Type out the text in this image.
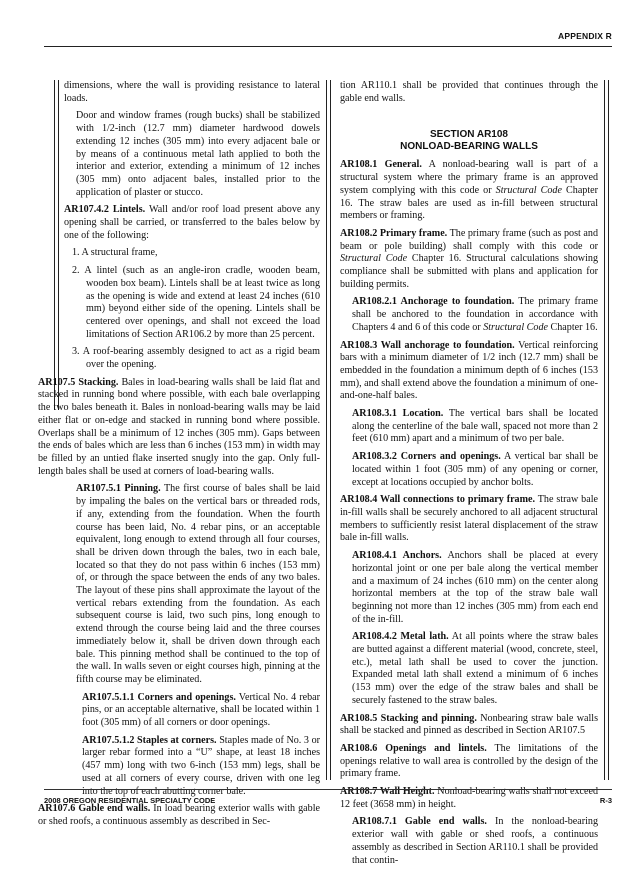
APPENDIX R

dimensions, where the wall is providing resistance to lateral loads.

Door and window frames (rough bucks) shall be stabilized with 1/2-inch (12.7 mm) diameter hardwood dowels extending 12 inches (305 mm) into every adjacent bale or by means of a continuous metal lath applied to both the interior and exterior, extending a minimum of 12 inches (305 mm) onto adjacent bales, installed prior to the application of plaster or stucco.

AR107.4.2 Lintels. Wall and/or roof load present above any opening shall be carried, or transferred to the bales below by one of the following:

1. A structural frame,

2. A lintel (such as an angle-iron cradle, wooden beam, wooden box beam). Lintels shall be at least twice as long as the opening is wide and extend at least 24 inches (610 mm) beyond either side of the opening. Lintels shall be centered over openings, and shall not exceed the load limitations of Section AR106.2 by more than 25 percent.

3. A roof-bearing assembly designed to act as a rigid beam over the opening.

AR107.5 Stacking. Bales in load-bearing walls shall be laid flat and stacked in running bond where possible, with each bale overlapping the two bales beneath it. Bales in nonload-bearing walls may be laid either flat or on-edge and stacked in running bond where possible. Overlaps shall be a minimum of 12 inches (305 mm). Gaps between the ends of bales which are less than 6 inches (153 mm) in width may be filled by an untied flake inserted snugly into the gap. Only full-length bales shall be used at corners of load-bearing walls.

AR107.5.1 Pinning. The first course of bales shall be laid by impaling the bales on the vertical bars or threaded rods, if any, extending from the foundation. When the fourth course has been laid, No. 4 rebar pins, or an acceptable equivalent, long enough to extend through all four courses, shall be driven down through the bales, two in each bale, located so that they do not pass within 6 inches (153 mm) of, or through the space between the ends of any two bales. The layout of these pins shall approximate the layout of the vertical rebars extending from the foundation. As each subsequent course is laid, two such pins, long enough to extend through the course being laid and the three courses immediately below it, shall be driven down through each bale. This pinning method shall be continued to the top of the wall. In walls seven or eight courses high, pinning at the fifth course may be eliminated.

AR107.5.1.1 Corners and openings. Vertical No. 4 rebar pins, or an acceptable alternative, shall be located within 1 foot (305 mm) of all corners or door openings.

AR107.5.1.2 Staples at corners. Staples made of No. 3 or larger rebar formed into a “U” shape, at least 18 inches (457 mm) long with two 6-inch (153 mm) legs, shall be used at all corners of every course, driven with one leg into the top of each abutting corner bale.

AR107.6 Gable end walls. In load bearing exterior walls with gable or shed roofs, a continuous assembly as described in Sec-

tion AR110.1 shall be provided that continues through the gable end walls.

SECTION AR108
NONLOAD-BEARING WALLS

AR108.1 General. A nonload-bearing wall is part of a structural system where the primary frame is an approved system complying with this code or Structural Code Chapter 16. The straw bales are used as in-fill between structural members or framing.

AR108.2 Primary frame. The primary frame (such as post and beam or pole building) shall comply with this code or Structural Code Chapter 16. Structural calculations showing compliance shall be submitted with plans and application for building permits.

AR108.2.1 Anchorage to foundation. The primary frame shall be anchored to the foundation in accordance with Chapters 4 and 6 of this code or Structural Code Chapter 16.

AR108.3 Wall anchorage to foundation. Vertical reinforcing bars with a minimum diameter of 1/2 inch (12.7 mm) shall be embedded in the foundation a minimum depth of 6 inches (153 mm), and shall extend above the foundation a minimum of one-and-one-half bales.

AR108.3.1 Location. The vertical bars shall be located along the centerline of the bale wall, spaced not more than 2 feet (610 mm) apart and a minimum of two per bale.

AR108.3.2 Corners and openings. A vertical bar shall be located within 1 foot (305 mm) of any opening or corner, except at locations occupied by anchor bolts.

AR108.4 Wall connections to primary frame. The straw bale in-fill walls shall be securely anchored to all adjacent structural members to sufficiently resist lateral displacement of the straw bale in-fill walls.

AR108.4.1 Anchors. Anchors shall be placed at every horizontal joint or one per bale along the vertical member and a maximum of 24 inches (610 mm) on the center along horizontal members at the top of the straw bale wall beginning not more than 12 inches (305 mm) from each end of the in-fill.

AR108.4.2 Metal lath. At all points where the straw bales are butted against a different material (wood, concrete, steel, etc.), metal lath shall be used to cover the junction. Expanded metal lath shall extend a minimum of 6 inches (153 mm) over the edge of the straw bales and shall be securely fastened to the straw bales.

AR108.5 Stacking and pinning. Nonbearing straw bale walls shall be stacked and pinned as described in Section AR107.5

AR108.6 Openings and lintels. The limitations of the openings relative to wall area is controlled by the design of the primary frame.

AR108.7 Wall Height. Nonload-bearing walls shall not exceed 12 feet (3658 mm) in height.

AR108.7.1 Gable end walls. In the nonload-bearing exterior wall with gable or shed roofs, a continuous assembly as described in Section AR110.1 shall be provided that contin-

2008 OREGON RESIDENTIAL SPECIALTY CODE	R-3
